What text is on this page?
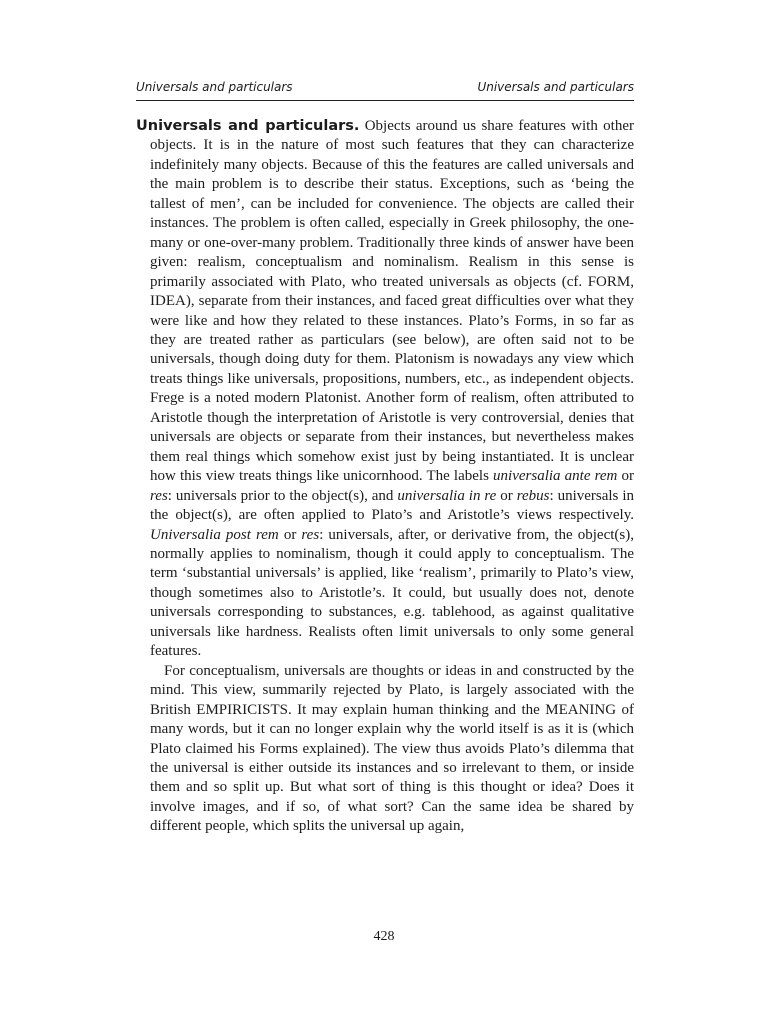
Universals and particulars	Universals and particulars

Universals and particulars. Objects around us share features with other objects. It is in the nature of most such features that they can characterize indefinitely many objects. Because of this the features are called universals and the main problem is to describe their status. Exceptions, such as ‘being the tallest of men’, can be included for convenience. The objects are called their instances. The problem is often called, especially in Greek philosophy, the one-many or one-over-many problem. Traditionally three kinds of answer have been given: realism, conceptualism and nominalism. Realism in this sense is primarily associated with Plato, who treated universals as objects (cf. FORM, IDEA), separate from their instances, and faced great difficulties over what they were like and how they related to these instances. Plato’s Forms, in so far as they are treated rather as particulars (see below), are often said not to be universals, though doing duty for them. Platonism is nowadays any view which treats things like universals, propositions, numbers, etc., as independent objects. Frege is a noted modern Platonist. Another form of realism, often attributed to Aristotle though the interpretation of Aristotle is very controversial, denies that universals are objects or separate from their instances, but nevertheless makes them real things which somehow exist just by being instantiated. It is unclear how this view treats things like unicornhood. The labels universalia ante rem or res: universals prior to the object(s), and universalia in re or rebus: universals in the object(s), are often applied to Plato’s and Aristotle’s views respectively. Universalia post rem or res: universals, after, or derivative from, the object(s), normally applies to nominalism, though it could apply to conceptualism. The term ‘substantial universals’ is applied, like ‘realism’, primarily to Plato’s view, though sometimes also to Aristotle’s. It could, but usually does not, denote universals corresponding to substances, e.g. tablehood, as against qualitative universals like hardness. Realists often limit universals to only some general features.

For conceptualism, universals are thoughts or ideas in and constructed by the mind. This view, summarily rejected by Plato, is largely associated with the British EMPIRICISTS. It may explain human thinking and the MEANING of many words, but it can no longer explain why the world itself is as it is (which Plato claimed his Forms explained). The view thus avoids Plato’s dilemma that the universal is either outside its instances and so irrelevant to them, or inside them and so split up. But what sort of thing is this thought or idea? Does it involve images, and if so, of what sort? Can the same idea be shared by different people, which splits the universal up again,

428
